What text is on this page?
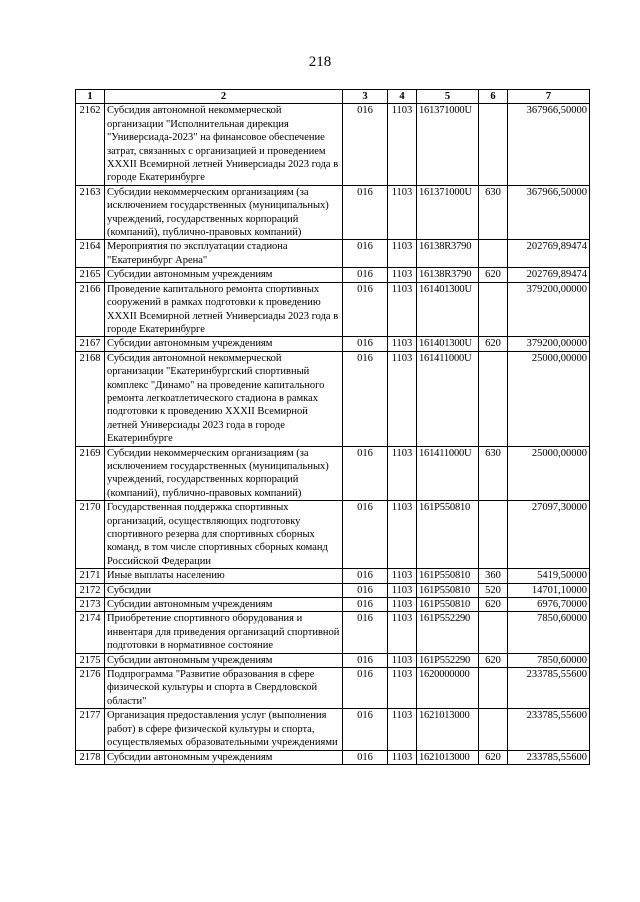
218
1	2	3	4	5	6	7
2162	Субсидия автономной некоммерческой организации "Исполнительная дирекция "Универсиада-2023" на финансовое обеспечение затрат, связанных с организацией и проведением XXXII Всемирной летней Универсиады 2023 года в городе Екатеринбурге	016	1103	161371000U		367966,50000
2163	Субсидии некоммерческим организациям (за исключением государственных (муниципальных) учреждений, государственных корпораций (компаний), публично-правовых компаний)	016	1103	161371000U	630	367966,50000
2164	Мероприятия по эксплуатации стадиона "Екатеринбург Арена"	016	1103	16138R3790		202769,89474
2165	Субсидии автономным учреждениям	016	1103	16138R3790	620	202769,89474
2166	Проведение капитального ремонта спортивных сооружений в рамках подготовки к проведению XXXII Всемирной летней Универсиады 2023 года в городе Екатеринбурге	016	1103	161401300U		379200,00000
2167	Субсидии автономным учреждениям	016	1103	161401300U	620	379200,00000
2168	Субсидия автономной некоммерческой организации "Екатеринбургский спортивный комплекс "Динамо" на проведение капитального ремонта легкоатлетического стадиона в рамках подготовки к проведению XXXII Всемирной летней Универсиады 2023 года в городе Екатеринбурге	016	1103	161411000U		25000,00000
2169	Субсидии некоммерческим организациям (за исключением государственных (муниципальных) учреждений, государственных корпораций (компаний), публично-правовых компаний)	016	1103	161411000U	630	25000,00000
2170	Государственная поддержка спортивных организаций, осуществляющих подготовку спортивного резерва для спортивных сборных команд, в том числе спортивных сборных команд Российской Федерации	016	1103	161P550810		27097,30000
2171	Иные выплаты населению	016	1103	161P550810	360	5419,50000
2172	Субсидии	016	1103	161P550810	520	14701,10000
2173	Субсидии автономным учреждениям	016	1103	161P550810	620	6976,70000
2174	Приобретение спортивного оборудования и инвентаря для приведения организаций спортивной подготовки в нормативное состояние	016	1103	161P552290		7850,60000
2175	Субсидии автономным учреждениям	016	1103	161P552290	620	7850,60000
2176	Подпрограмма "Развитие образования в сфере физической культуры и спорта в Свердловской области"	016	1103	1620000000		233785,55600
2177	Организация предоставления услуг (выполнения работ) в сфере физической культуры и спорта, осуществляемых образовательными учреждениями	016	1103	1621013000		233785,55600
2178	Субсидии автономным учреждениям	016	1103	1621013000	620	233785,55600
